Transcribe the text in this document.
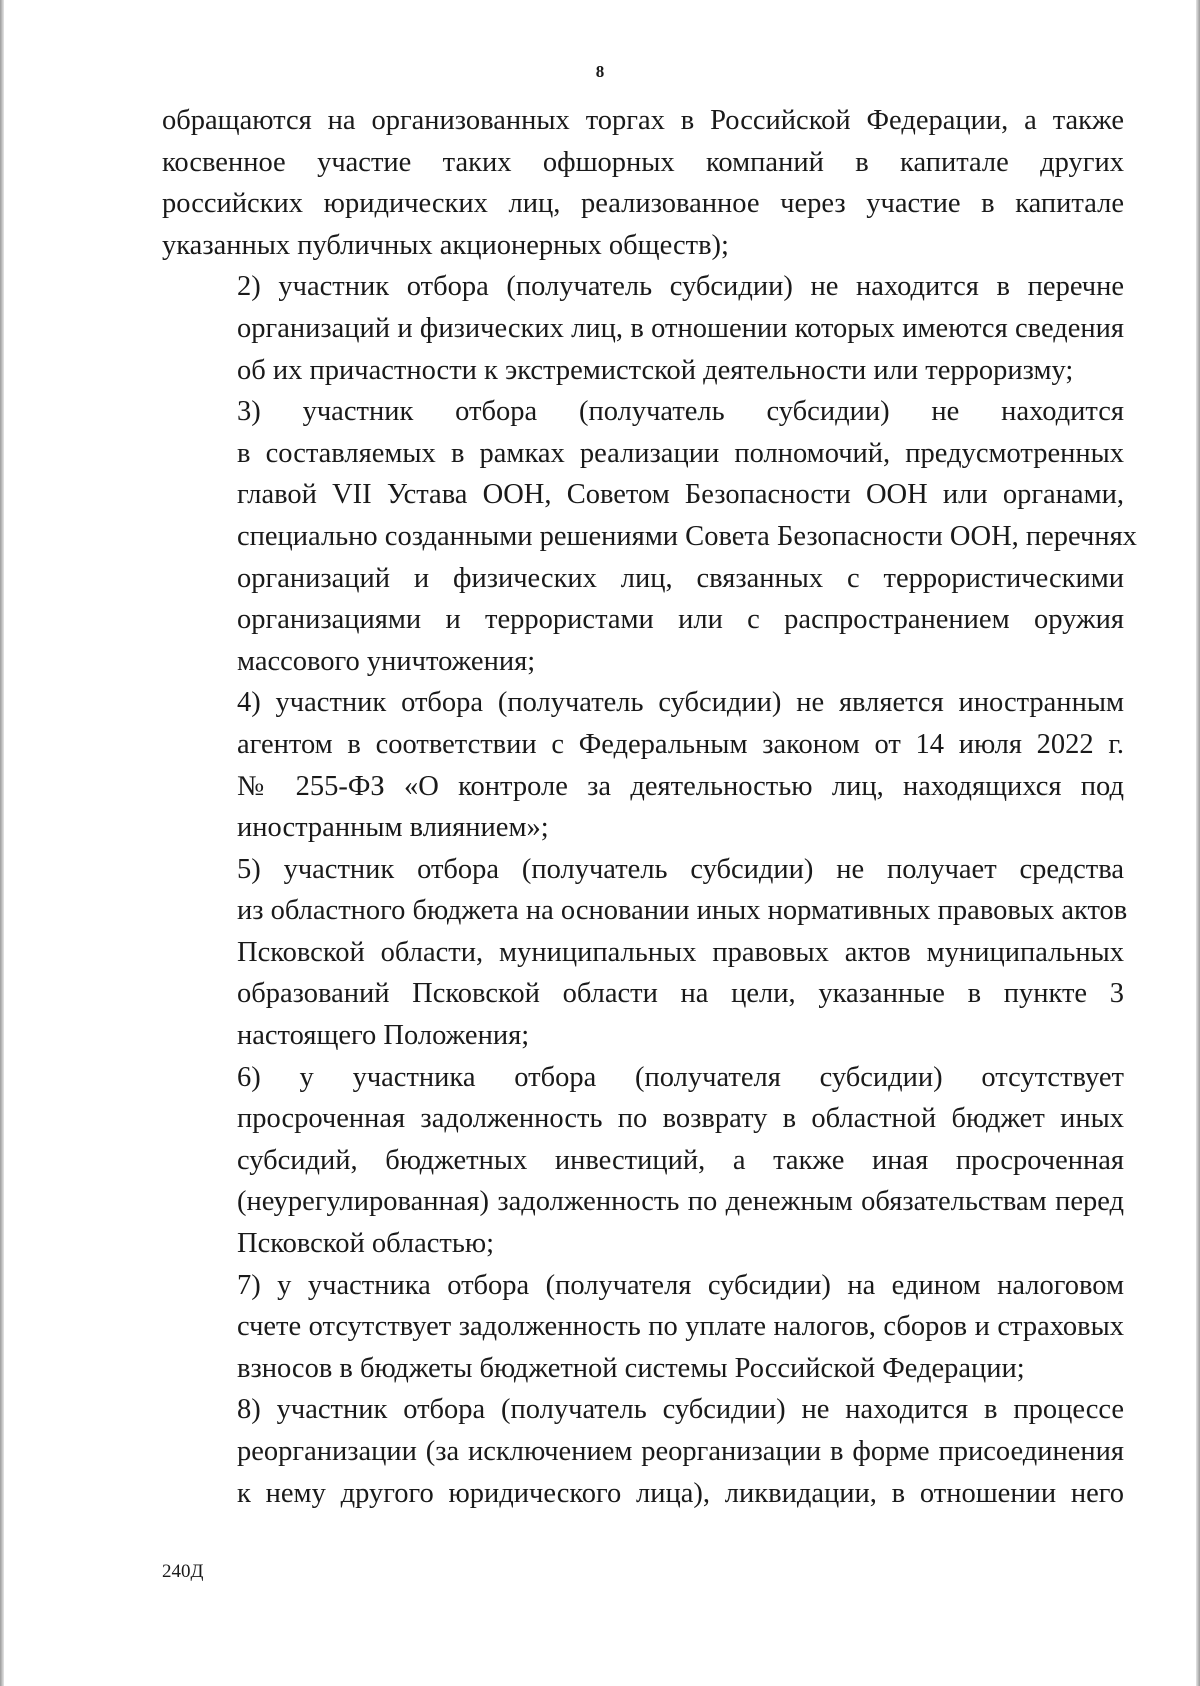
8

обращаются на организованных торгах в Российской Федерации, а также
косвенное участие таких офшорных компаний в капитале других
российских юридических лиц, реализованное через участие в капитале
указанных публичных акционерных обществ);

2) участник отбора (получатель субсидии) не находится в перечне
организаций и физических лиц, в отношении которых имеются сведения
об их причастности к экстремистской деятельности или терроризму;

3) участник отбора (получатель субсидии) не находится
в составляемых в рамках реализации полномочий, предусмотренных
главой VII Устава ООН, Советом Безопасности ООН или органами,
специально созданными решениями Совета Безопасности ООН, перечнях
организаций и физических лиц, связанных с террористическими
организациями и террористами или с распространением оружия
массового уничтожения;

4) участник отбора (получатель субсидии) не является иностранным
агентом в соответствии с Федеральным законом от 14 июля 2022 г.
№ 255-ФЗ «О контроле за деятельностью лиц, находящихся под
иностранным влиянием»;

5) участник отбора (получатель субсидии) не получает средства
из областного бюджета на основании иных нормативных правовых актов
Псковской области, муниципальных правовых актов муниципальных
образований Псковской области на цели, указанные в пункте 3
настоящего Положения;

6) у участника отбора (получателя субсидии) отсутствует
просроченная задолженность по возврату в областной бюджет иных
субсидий, бюджетных инвестиций, а также иная просроченная
(неурегулированная) задолженность по денежным обязательствам перед
Псковской областью;

7) у участника отбора (получателя субсидии) на едином налоговом
счете отсутствует задолженность по уплате налогов, сборов и страховых
взносов в бюджеты бюджетной системы Российской Федерации;

8) участник отбора (получатель субсидии) не находится в процессе
реорганизации (за исключением реорганизации в форме присоединения
к нему другого юридического лица), ликвидации, в отношении него

240Д
